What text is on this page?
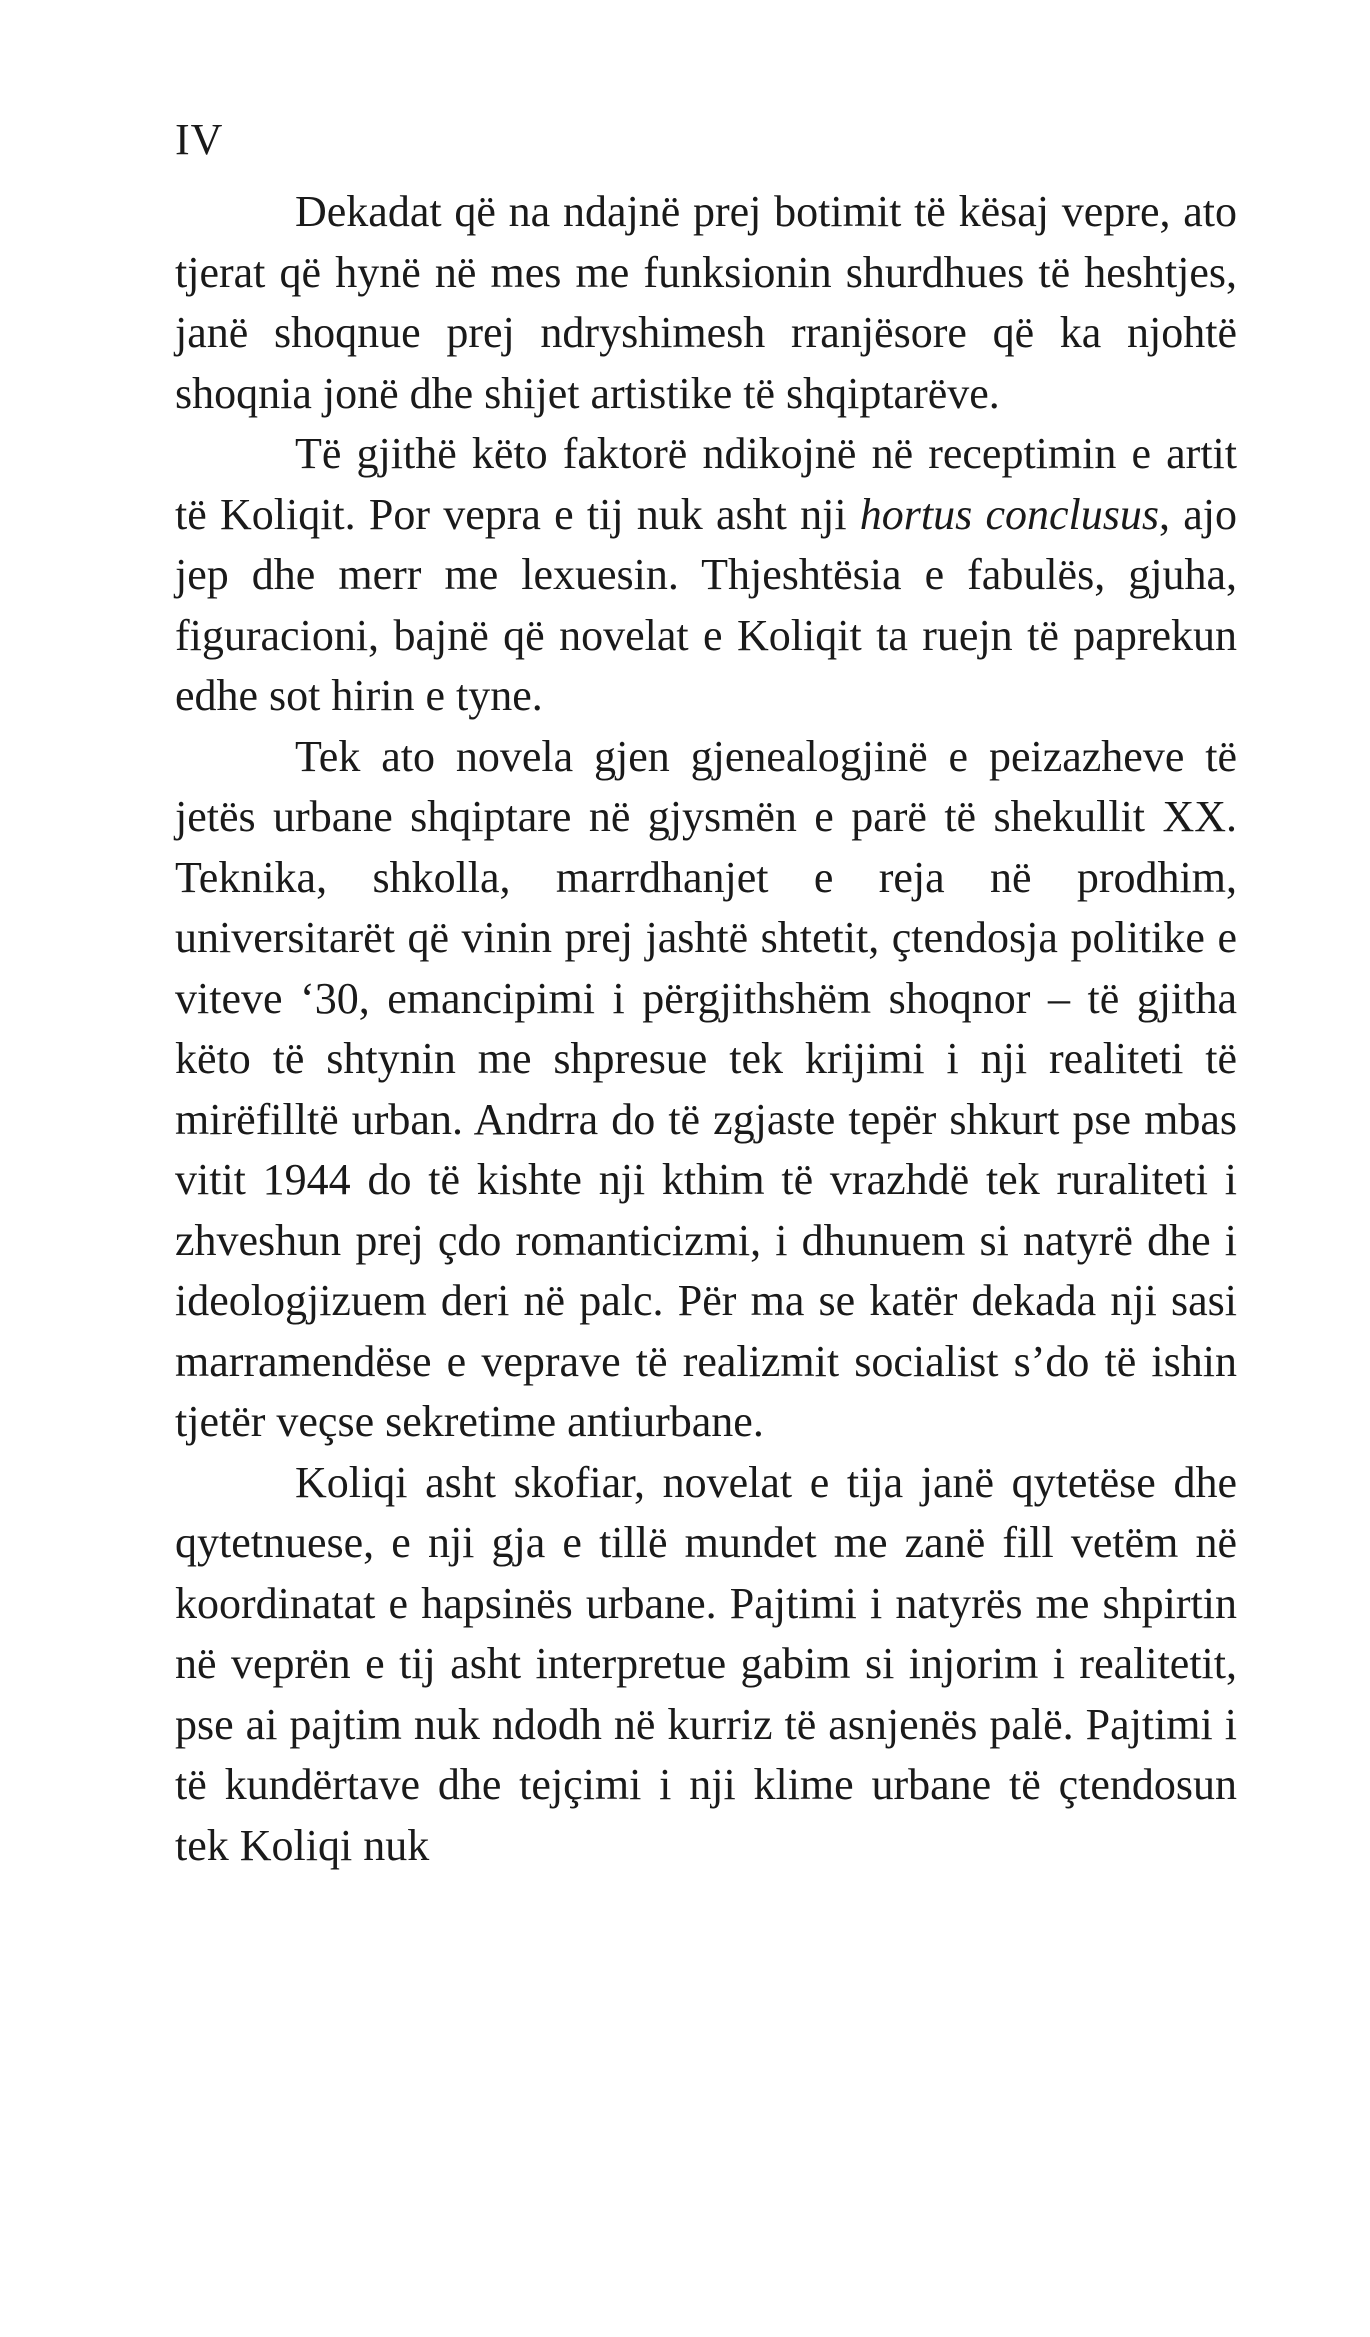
IV

Dekadat që na ndajnë prej botimit të kësaj vepre, ato tjerat që hynë në mes me funksionin shurdhues të heshtjes, janë shoqnue prej ndryshimesh rranjësore që ka njohtë shoqnia jonë dhe shijet artistike të shqiptarëve.

Të gjithë këto faktorë ndikojnë në receptimin e artit të Koliqit. Por vepra e tij nuk asht nji hortus conclusus, ajo jep dhe merr me lexuesin. Thjeshtësia e fabulës, gjuha, figuracioni, bajnë që novelat e Koliqit ta ruejn të paprekun edhe sot hirin e tyne.

Tek ato novela gjen gjenealogjinë e peizazheve të jetës urbane shqiptare në gjysmën e parë të shekullit XX. Teknika, shkolla, marrdhanjet e reja në prodhim, universitarët që vinin prej jashtë shtetit, çtendosja politike e viteve ‘30, emancipimi i përgjithshëm shoqnor – të gjitha këto të shtynin me shpresue tek krijimi i nji realiteti të mirëfilltë urban. Andrra do të zgjaste tepër shkurt pse mbas vitit 1944 do të kishte nji kthim të vrazhdë tek ruraliteti i zhveshun prej çdo romanticizmi, i dhunuem si natyrë dhe i ideologjizuem deri në palc. Për ma se katër dekada nji sasi marramendëse e veprave të realizmit socialist s’do të ishin tjetër veçse sekretime antiurbane.

Koliqi asht skofiar, novelat e tija janë qytetëse dhe qytetnuese, e nji gja e tillë mundet me zanë fill vetëm në koordinatat e hapsinës urbane. Pajtimi i natyrës me shpirtin në veprën e tij asht interpretue gabim si injorim i realitetit, pse ai pajtim nuk ndodh në kurriz të asnjenës palë. Pajtimi i të kundërtave dhe tejçimi i nji klime urbane të çtendosun tek Koliqi nuk
